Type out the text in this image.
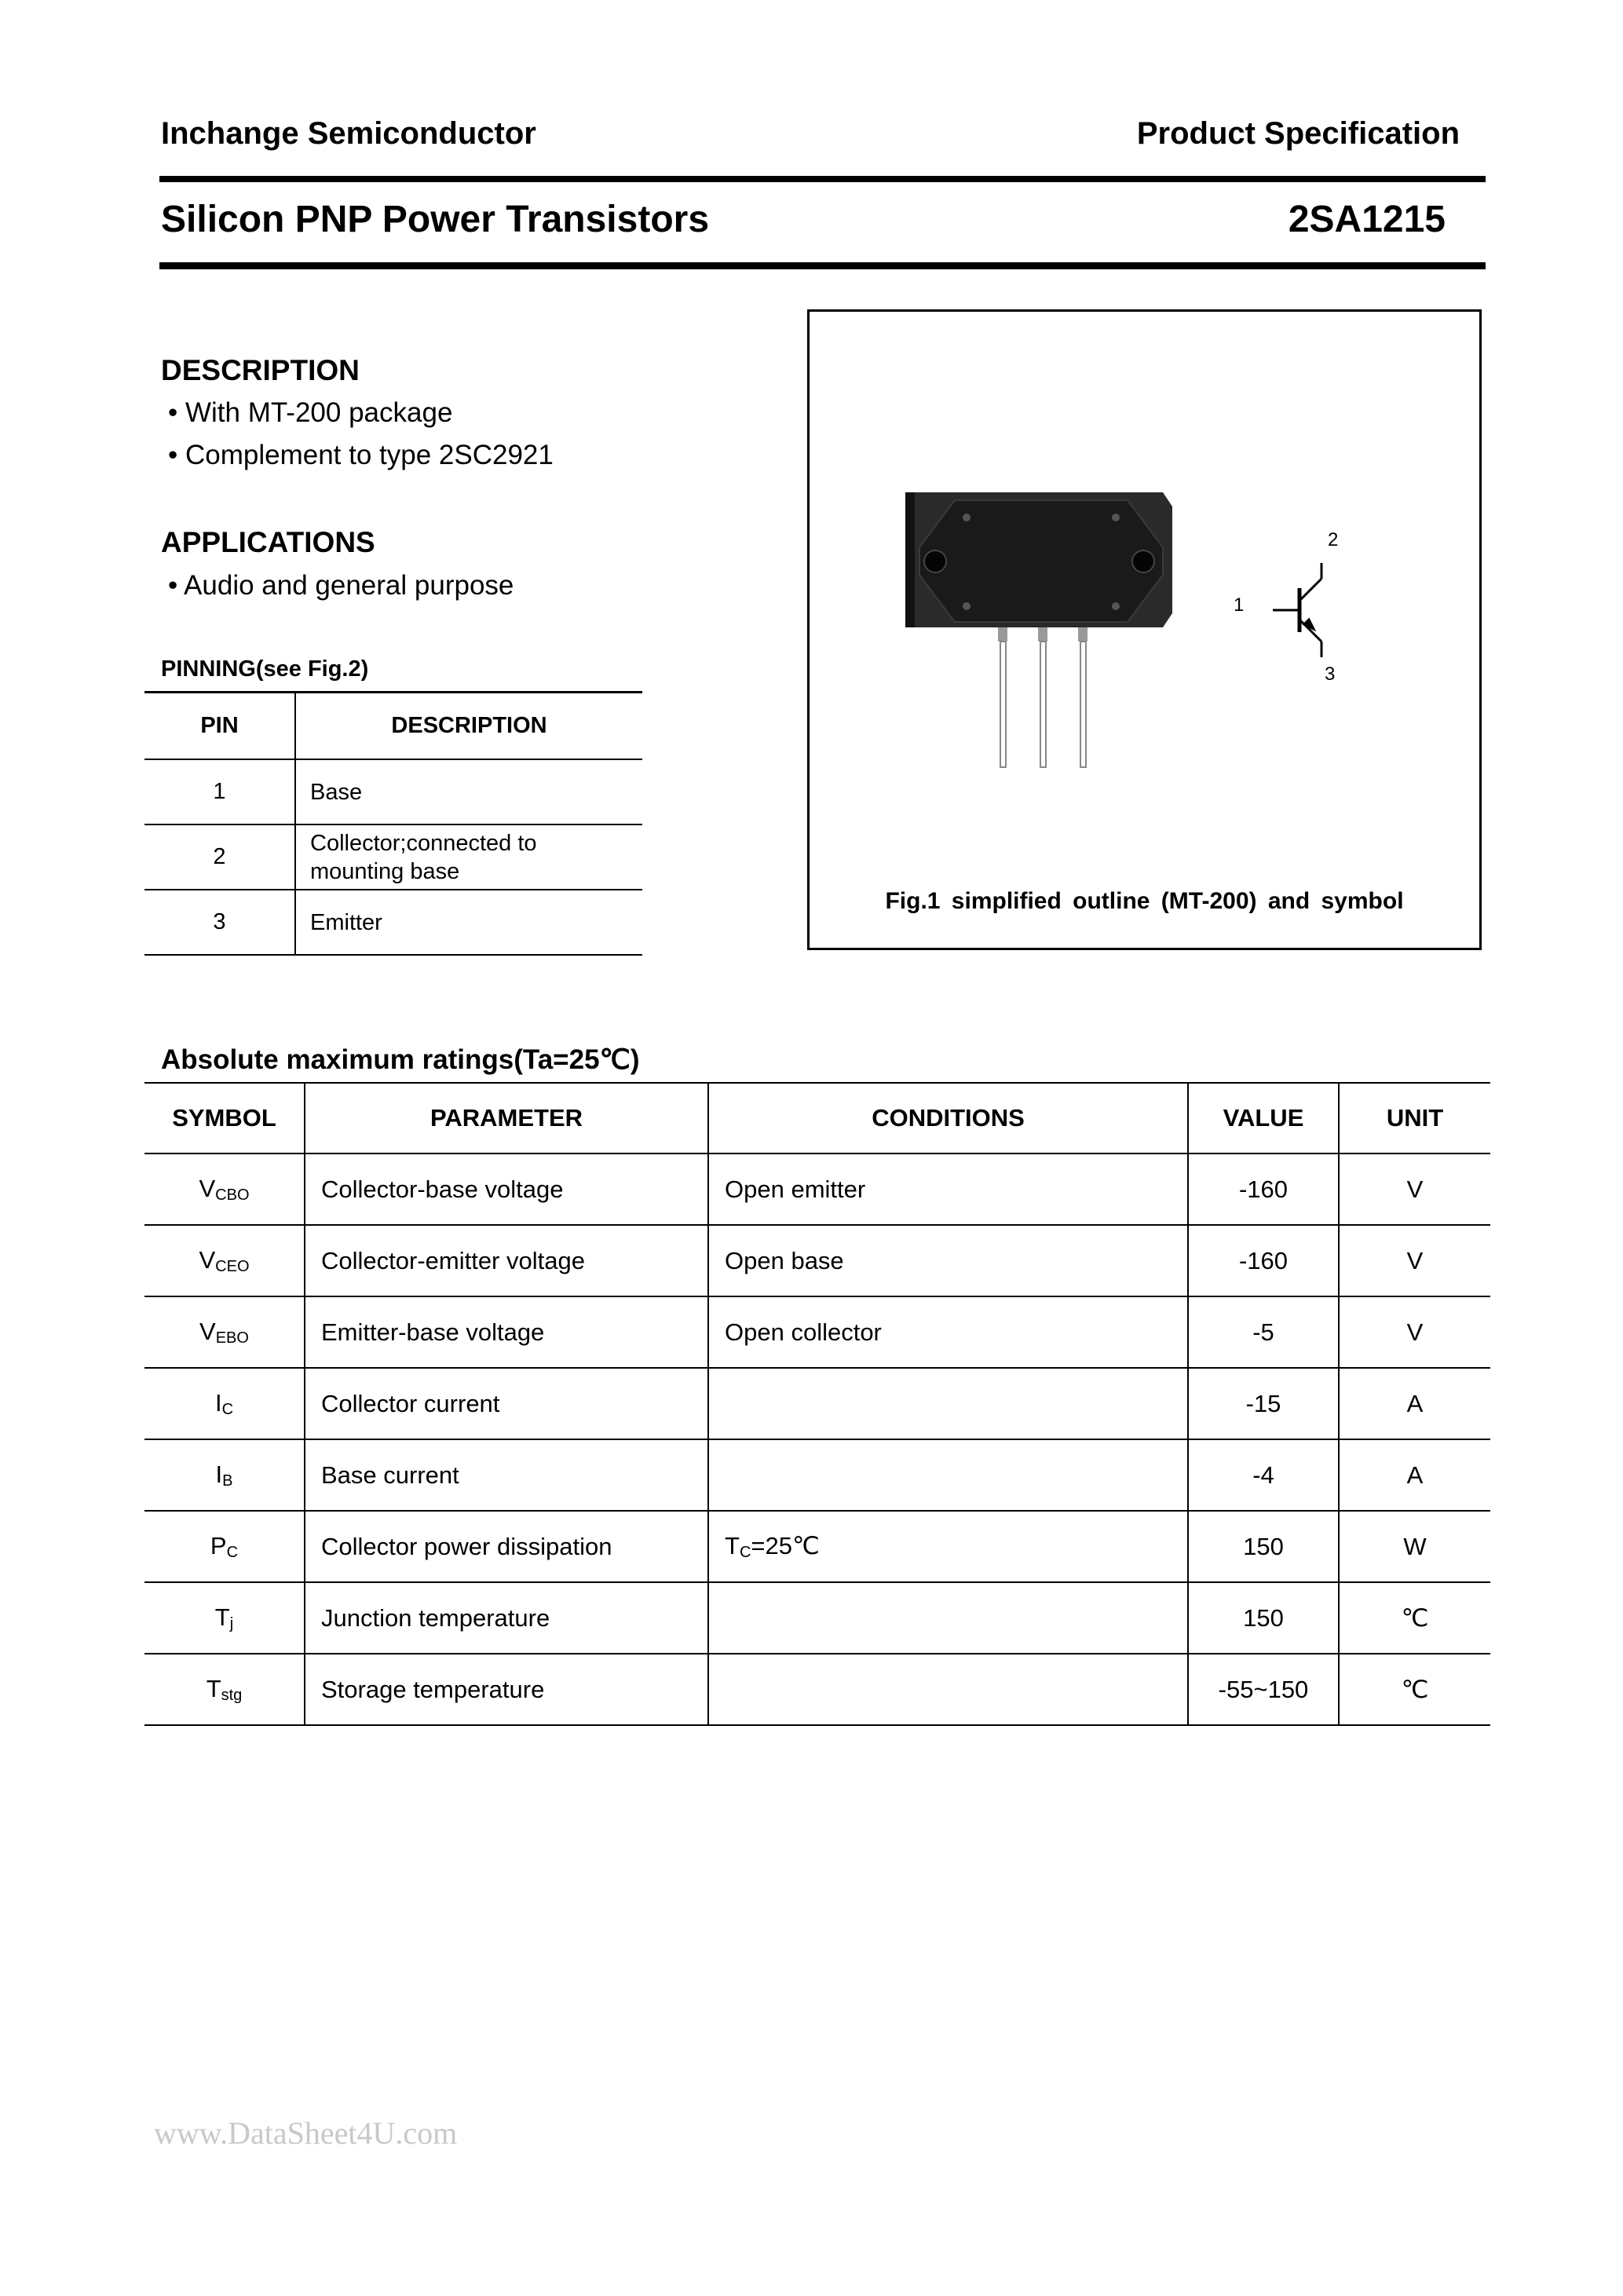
Inchange Semiconductor	Product Specification
Silicon PNP Power Transistors	2SA1215
DESCRIPTION
• With MT-200 package
• Complement to type 2SC2921
APPLICATIONS
• Audio and general purpose
PINNING(see Fig.2)
PIN	DESCRIPTION
1	Base
2	Collector;connected to
mounting base

3	Emitter
1
2
3
Fig.1 simplified outline (MT-200) and symbol
Absolute maximum ratings(Ta=25℃)
SYMBOL	PARAMETER	CONDITIONS	VALUE	UNIT
$V_{CBO}$	Collector-base voltage	Open emitter	-160	V
$V_{CEO}$	Collector-emitter voltage	Open base	-160	V
$V_{EBO}$	Emitter-base voltage	Open collector	-5	V
$I_C$	Collector current		-15	A
$I_B$	Base current		-4	A
$P_C$	Collector power dissipation	$T_C=25℃$	150	W
$T_j$	Junction temperature		150	℃
$T_{stg}$	Storage temperature		-55~150	℃
www.DataSheet4U.com
